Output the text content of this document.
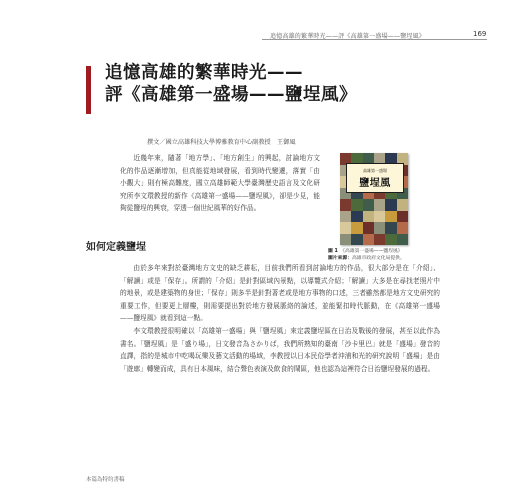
追憶高雄的繁華時光——評《高雄第一盛場——鹽埕風》	169
追憶高雄的繁華時光——
評《高雄第一盛場——鹽埕風》
撰文／國立高雄科技大學博雅教育中心副教授　王御風

近幾年來，隨著「地方學」、「地方創生」的興起，討論地方文化的作品逐漸增加，但真能從地域發展，看到時代變遷，落實「由小觀大」則有極高難度，國立高雄師範大學臺灣歷史語言及文化研究所李文環教授的新作《高雄第一盛場——鹽埕風》，卻是少見，能夠從鹽埕的興衰，穿透一個世紀風華的好作品。

高雄第一盛場
鹽埕風
圖 1　 《高雄第一盛場——鹽埕風》
圖片來源：高雄市政府文化局提供。
如何定義鹽埕

由於多年來對於臺灣地方文史的缺乏耕耘，目前我們所看到討論地方的作品，很大部分是在「介紹」、「解讀」或是「保存」。所謂的「介紹」是針對區域內景點，以導覽式介紹；「解讀」大多是在尋找老照片中的地景，或是建築物的身世；「保存」則多半是針對著老或是地方事物的口述，三者雖然都是地方文史研究的重要工作，但要更上層樓，則需要提出對於地方發展脈絡的論述，並能緊扣時代脈動，在《高雄第一盛場——鹽埕風》就看到這一點。

李文環教授很明確以「高雄第一盛場」與「鹽埕風」來定義鹽埕區在日治及戰後的發展，甚至以此作為書名。「鹽埕風」是「盛り場」，日文發音為さかりば，我們所熟知的臺南「沙卡里巴」就是「盛場」發音的直譯，指的是城市中吃喝玩樂及藝文活動的場域，李教授以日本民俗學者沖浦和光的研究說明「盛場」是由「遊廓」轉變而成，具有日本風味，結合聲色表演及飲食的鬧區，他也認為這裡符合日治鹽埕發展的過程。

本篇為特約書稿
